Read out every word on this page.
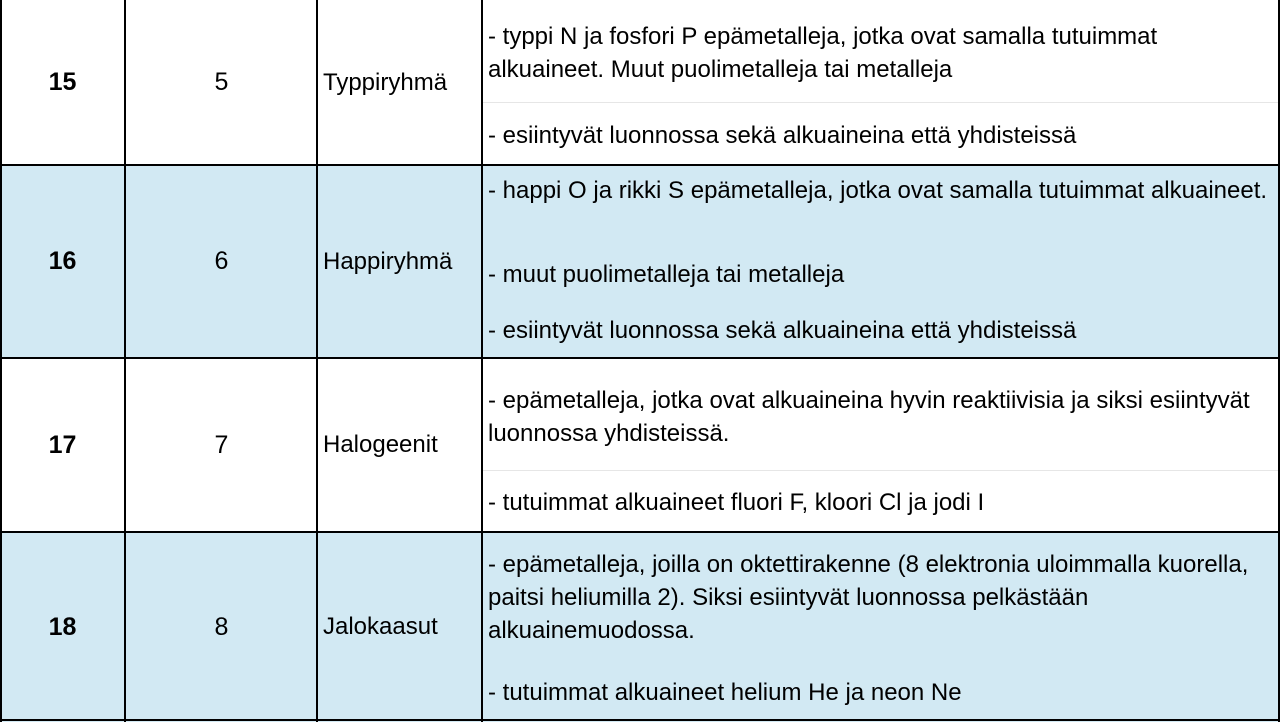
15	5	Typpiryhmä
- typpi N ja fosfori P epämetalleja, jotka ovat samalla tutuimmat alkuaineet. Muut puolimetalleja tai metalleja
- esiintyvät luonnossa sekä alkuaineina että yhdisteissä
16	6	Happiryhmä
- happi O ja rikki S epämetalleja, jotka ovat samalla tutuimmat alkuaineet.
- muut puolimetalleja tai metalleja
- esiintyvät luonnossa sekä alkuaineina että yhdisteissä
17	7	Halogeenit
- epämetalleja, jotka ovat alkuaineina hyvin reaktiivisia ja siksi esiintyvät luonnossa yhdisteissä.
- tutuimmat alkuaineet fluori F, kloori Cl ja jodi I
18	8	Jalokaasut
- epämetalleja, joilla on oktettirakenne (8 elektronia uloimmalla kuorella, paitsi heliumilla 2). Siksi esiintyvät luonnossa pelkästään alkuainemuodossa.
- tutuimmat alkuaineet helium He ja neon Ne
